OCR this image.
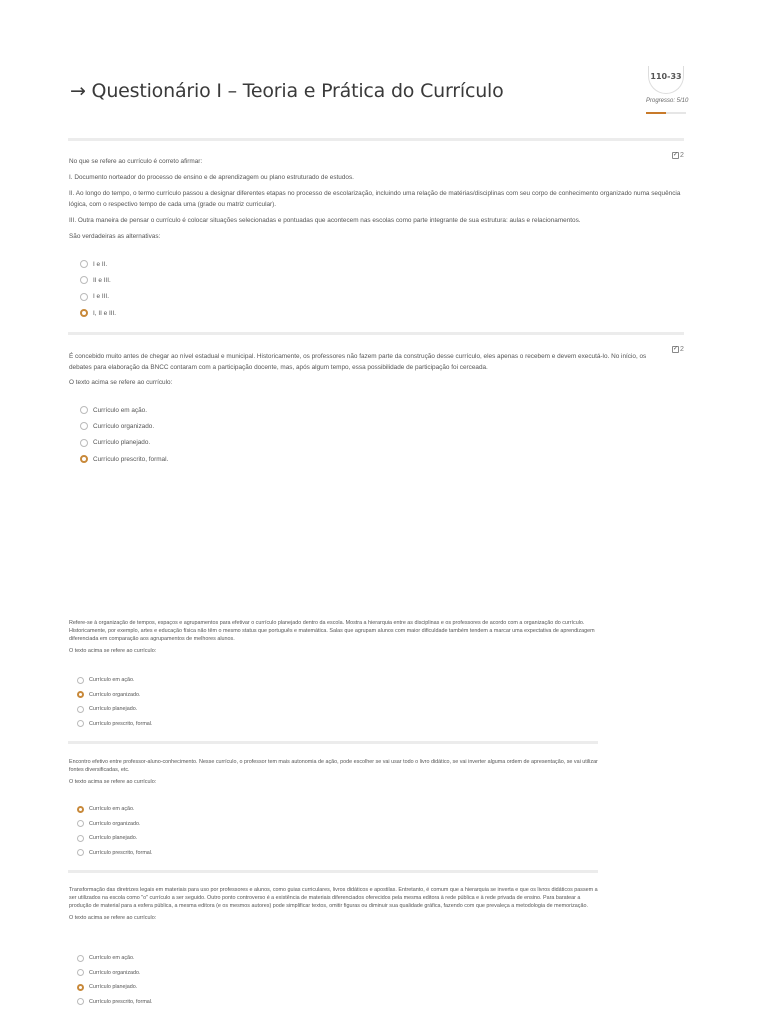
→ Questionário I – Teoria e Prática do Currículo
110-33
Progresso: 5/10
✓ 2
No que se refere ao currículo é correto afirmar:
I. Documento norteador do processo de ensino e de aprendizagem ou plano estruturado de estudos.
II. Ao longo do tempo, o termo currículo passou a designar diferentes etapas no processo de escolarização, incluindo uma relação de matérias/disciplinas com seu corpo de conhecimento organizado numa sequência lógica, com o respectivo tempo de cada uma (grade ou matriz curricular).
III. Outra maneira de pensar o currículo é colocar situações selecionadas e pontuadas que acontecem nas escolas como parte integrante de sua estrutura: aulas e relacionamentos.
São verdadeiras as alternativas:
I e II.
II e III.
I e III.
I, II e III.
✓ 2
É concebido muito antes de chegar ao nível estadual e municipal. Historicamente, os professores não fazem parte da construção desse currículo, eles apenas o recebem e devem executá-lo. No início, os debates para elaboração da BNCC contaram com a participação docente, mas, após algum tempo, essa possibilidade de participação foi cerceada.
O texto acima se refere ao currículo:
Currículo em ação.
Currículo organizado.
Currículo planejado.
Currículo prescrito, formal.
Refere-se à organização de tempos, espaços e agrupamentos para efetivar o currículo planejado dentro da escola. Mostra a hierarquia entre as disciplinas e os professores de acordo com a organização do currículo. Historicamente, por exemplo, artes e educação física não têm o mesmo status que português e matemática. Salas que agrupam alunos com maior dificuldade também tendem a marcar uma expectativa de aprendizagem diferenciada em comparação aos agrupamentos de melhores alunos.
O texto acima se refere ao currículo:
Currículo em ação.
Currículo organizado.
Currículo planejado.
Currículo prescrito, formal.
Encontro efetivo entre professor-aluno-conhecimento. Nesse currículo, o professor tem mais autonomia de ação, pode escolher se vai usar todo o livro didático, se vai inverter alguma ordem de apresentação, se vai utilizar fontes diversificadas, etc.
O texto acima se refere ao currículo:
Currículo em ação.
Currículo organizado.
Currículo planejado.
Currículo prescrito, formal.
Transformação das diretrizes legais em materiais para uso por professores e alunos, como guias curriculares, livros didáticos e apostilas. Entretanto, é comum que a hierarquia se inverta e que os livros didáticos passem a ser utilizados na escola como "o" currículo a ser seguido. Outro ponto controverso é a existência de materiais diferenciados oferecidos pela mesma editora à rede pública e à rede privada de ensino. Para baratear a produção de material para a esfera pública, a mesma editora (e os mesmos autores) pode simplificar textos, omitir figuras ou diminuir sua qualidade gráfica, fazendo com que prevaleça a metodologia de memorização.
O texto acima se refere ao currículo:
Currículo em ação.
Currículo organizado.
Currículo planejado.
Currículo prescrito, formal.
